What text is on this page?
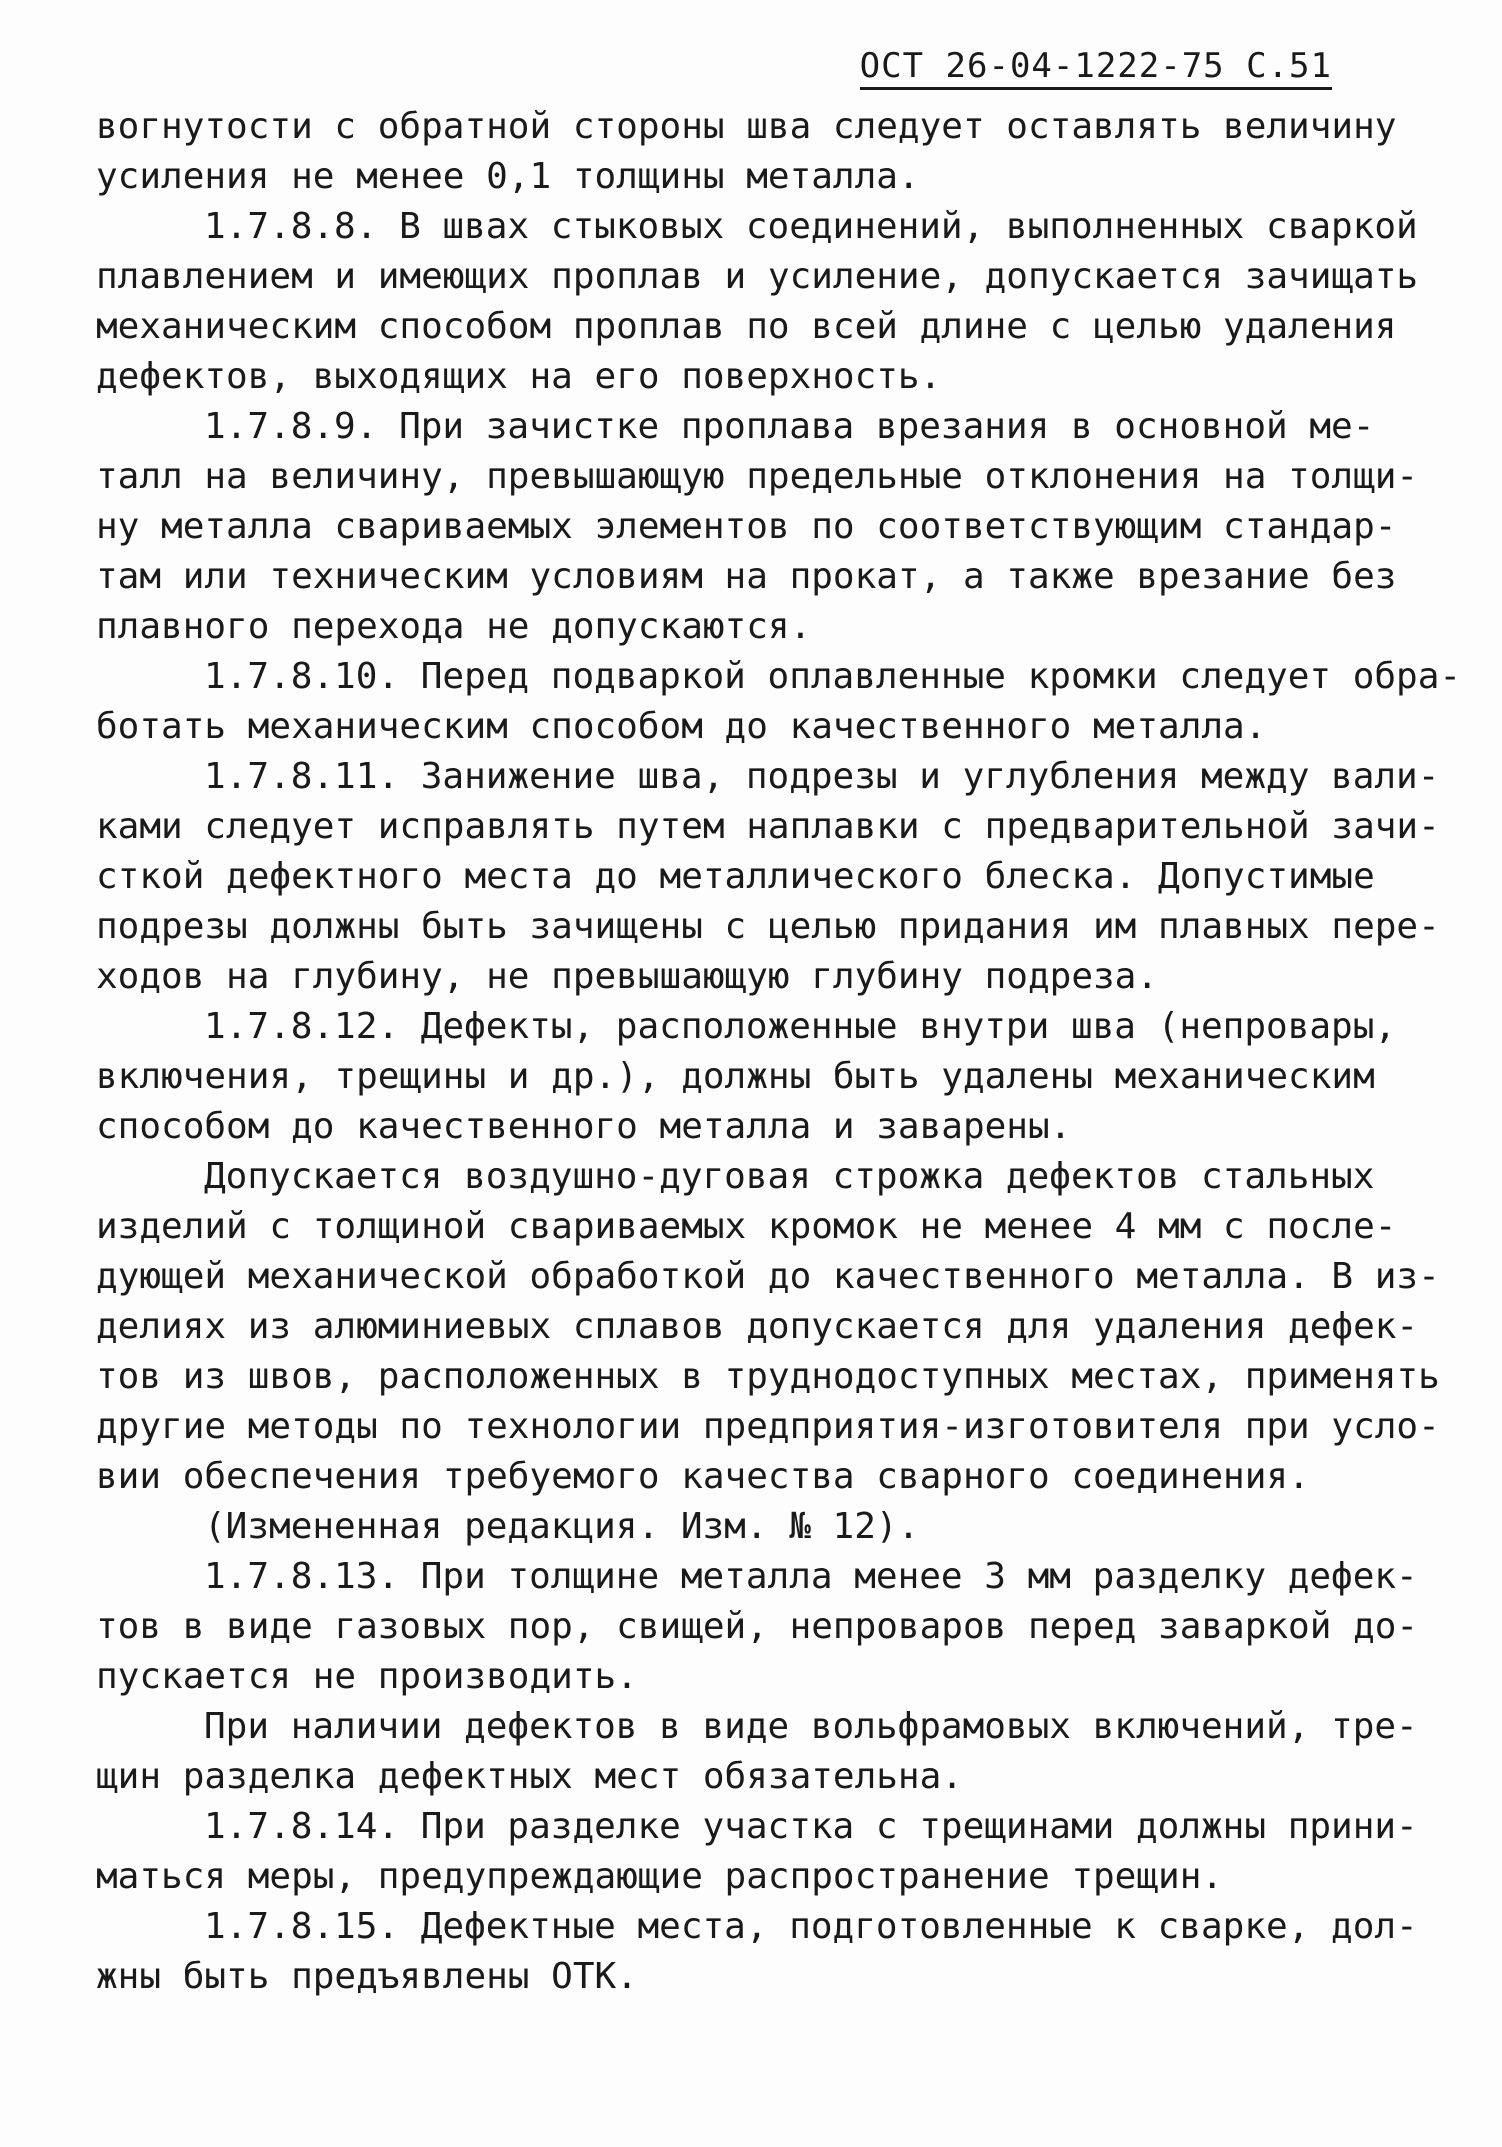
ОСТ 26-04-1222-75 С.51
вогнутости с обратной стороны шва следует оставлять величину
усиления не менее 0,1 толщины металла.
1.7.8.8. В швах стыковых соединений, выполненных сваркой
плавлением и имеющих проплав и усиление, допускается зачищать
механическим способом проплав по всей длине с целью удаления
дефектов, выходящих на его поверхность.
1.7.8.9. При зачистке проплава врезания в основной ме-
талл на величину, превышающую предельные отклонения на толщи-
ну металла свариваемых элементов по соответствующим стандар-
там или техническим условиям на прокат, а также врезание без
плавного перехода не допускаются.
1.7.8.10. Перед подваркой оплавленные кромки следует обра-
ботать механическим способом до качественного металла.
1.7.8.11. Занижение шва, подрезы и углубления между вали-
ками следует исправлять путем наплавки с предварительной зачи-
сткой дефектного места до металлического блеска. Допустимые
подрезы должны быть зачищены с целью придания им плавных пере-
ходов на глубину, не превышающую глубину подреза.
1.7.8.12. Дефекты, расположенные внутри шва (непровары,
включения, трещины и др.), должны быть удалены механическим
способом до качественного металла и заварены.
Допускается воздушно-дуговая строжка дефектов стальных
изделий с толщиной свариваемых кромок не менее 4 мм с после-
дующей механической обработкой до качественного металла. В из-
делиях из алюминиевых сплавов допускается для удаления дефек-
тов из швов, расположенных в труднодоступных местах, применять
другие методы по технологии предприятия-изготовителя при усло-
вии обеспечения требуемого качества сварного соединения.
(Измененная редакция. Изм. № 12).
1.7.8.13. При толщине металла менее 3 мм разделку дефек-
тов в виде газовых пор, свищей, непроваров перед заваркой до-
пускается не производить.
При наличии дефектов в виде вольфрамовых включений, тре-
щин разделка дефектных мест обязательна.
1.7.8.14. При разделке участка с трещинами должны прини-
маться меры, предупреждающие распространение трещин.
1.7.8.15. Дефектные места, подготовленные к сварке, дол-
жны быть предъявлены ОТК.
